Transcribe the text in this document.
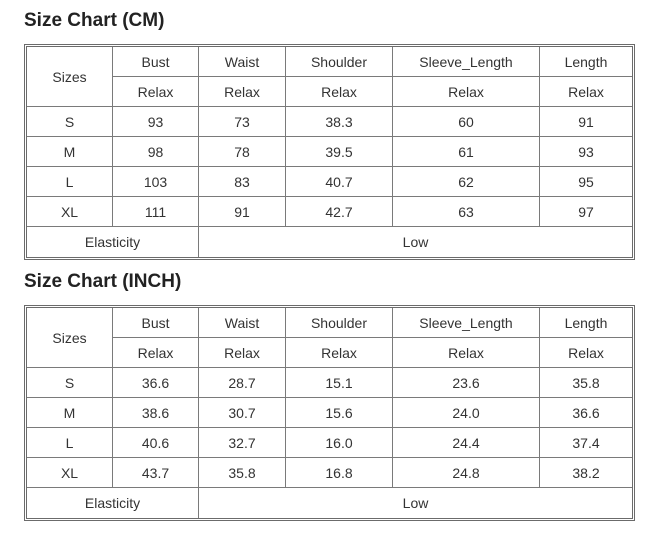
Size Chart (CM)
Sizes	Bust	Waist	Shoulder	Sleeve_Length	Length
	Relax	Relax	Relax	Relax	Relax
S	93	73	38.3	60	91
M	98	78	39.5	61	93
L	103	83	40.7	62	95
XL	111	91	42.7	63	97
Elasticity		Low			
Size Chart (INCH)
Sizes	Bust	Waist	Shoulder	Sleeve_Length	Length
	Relax	Relax	Relax	Relax	Relax
S	36.6	28.7	15.1	23.6	35.8
M	38.6	30.7	15.6	24.0	36.6
L	40.6	32.7	16.0	24.4	37.4
XL	43.7	35.8	16.8	24.8	38.2
Elasticity		Low			
